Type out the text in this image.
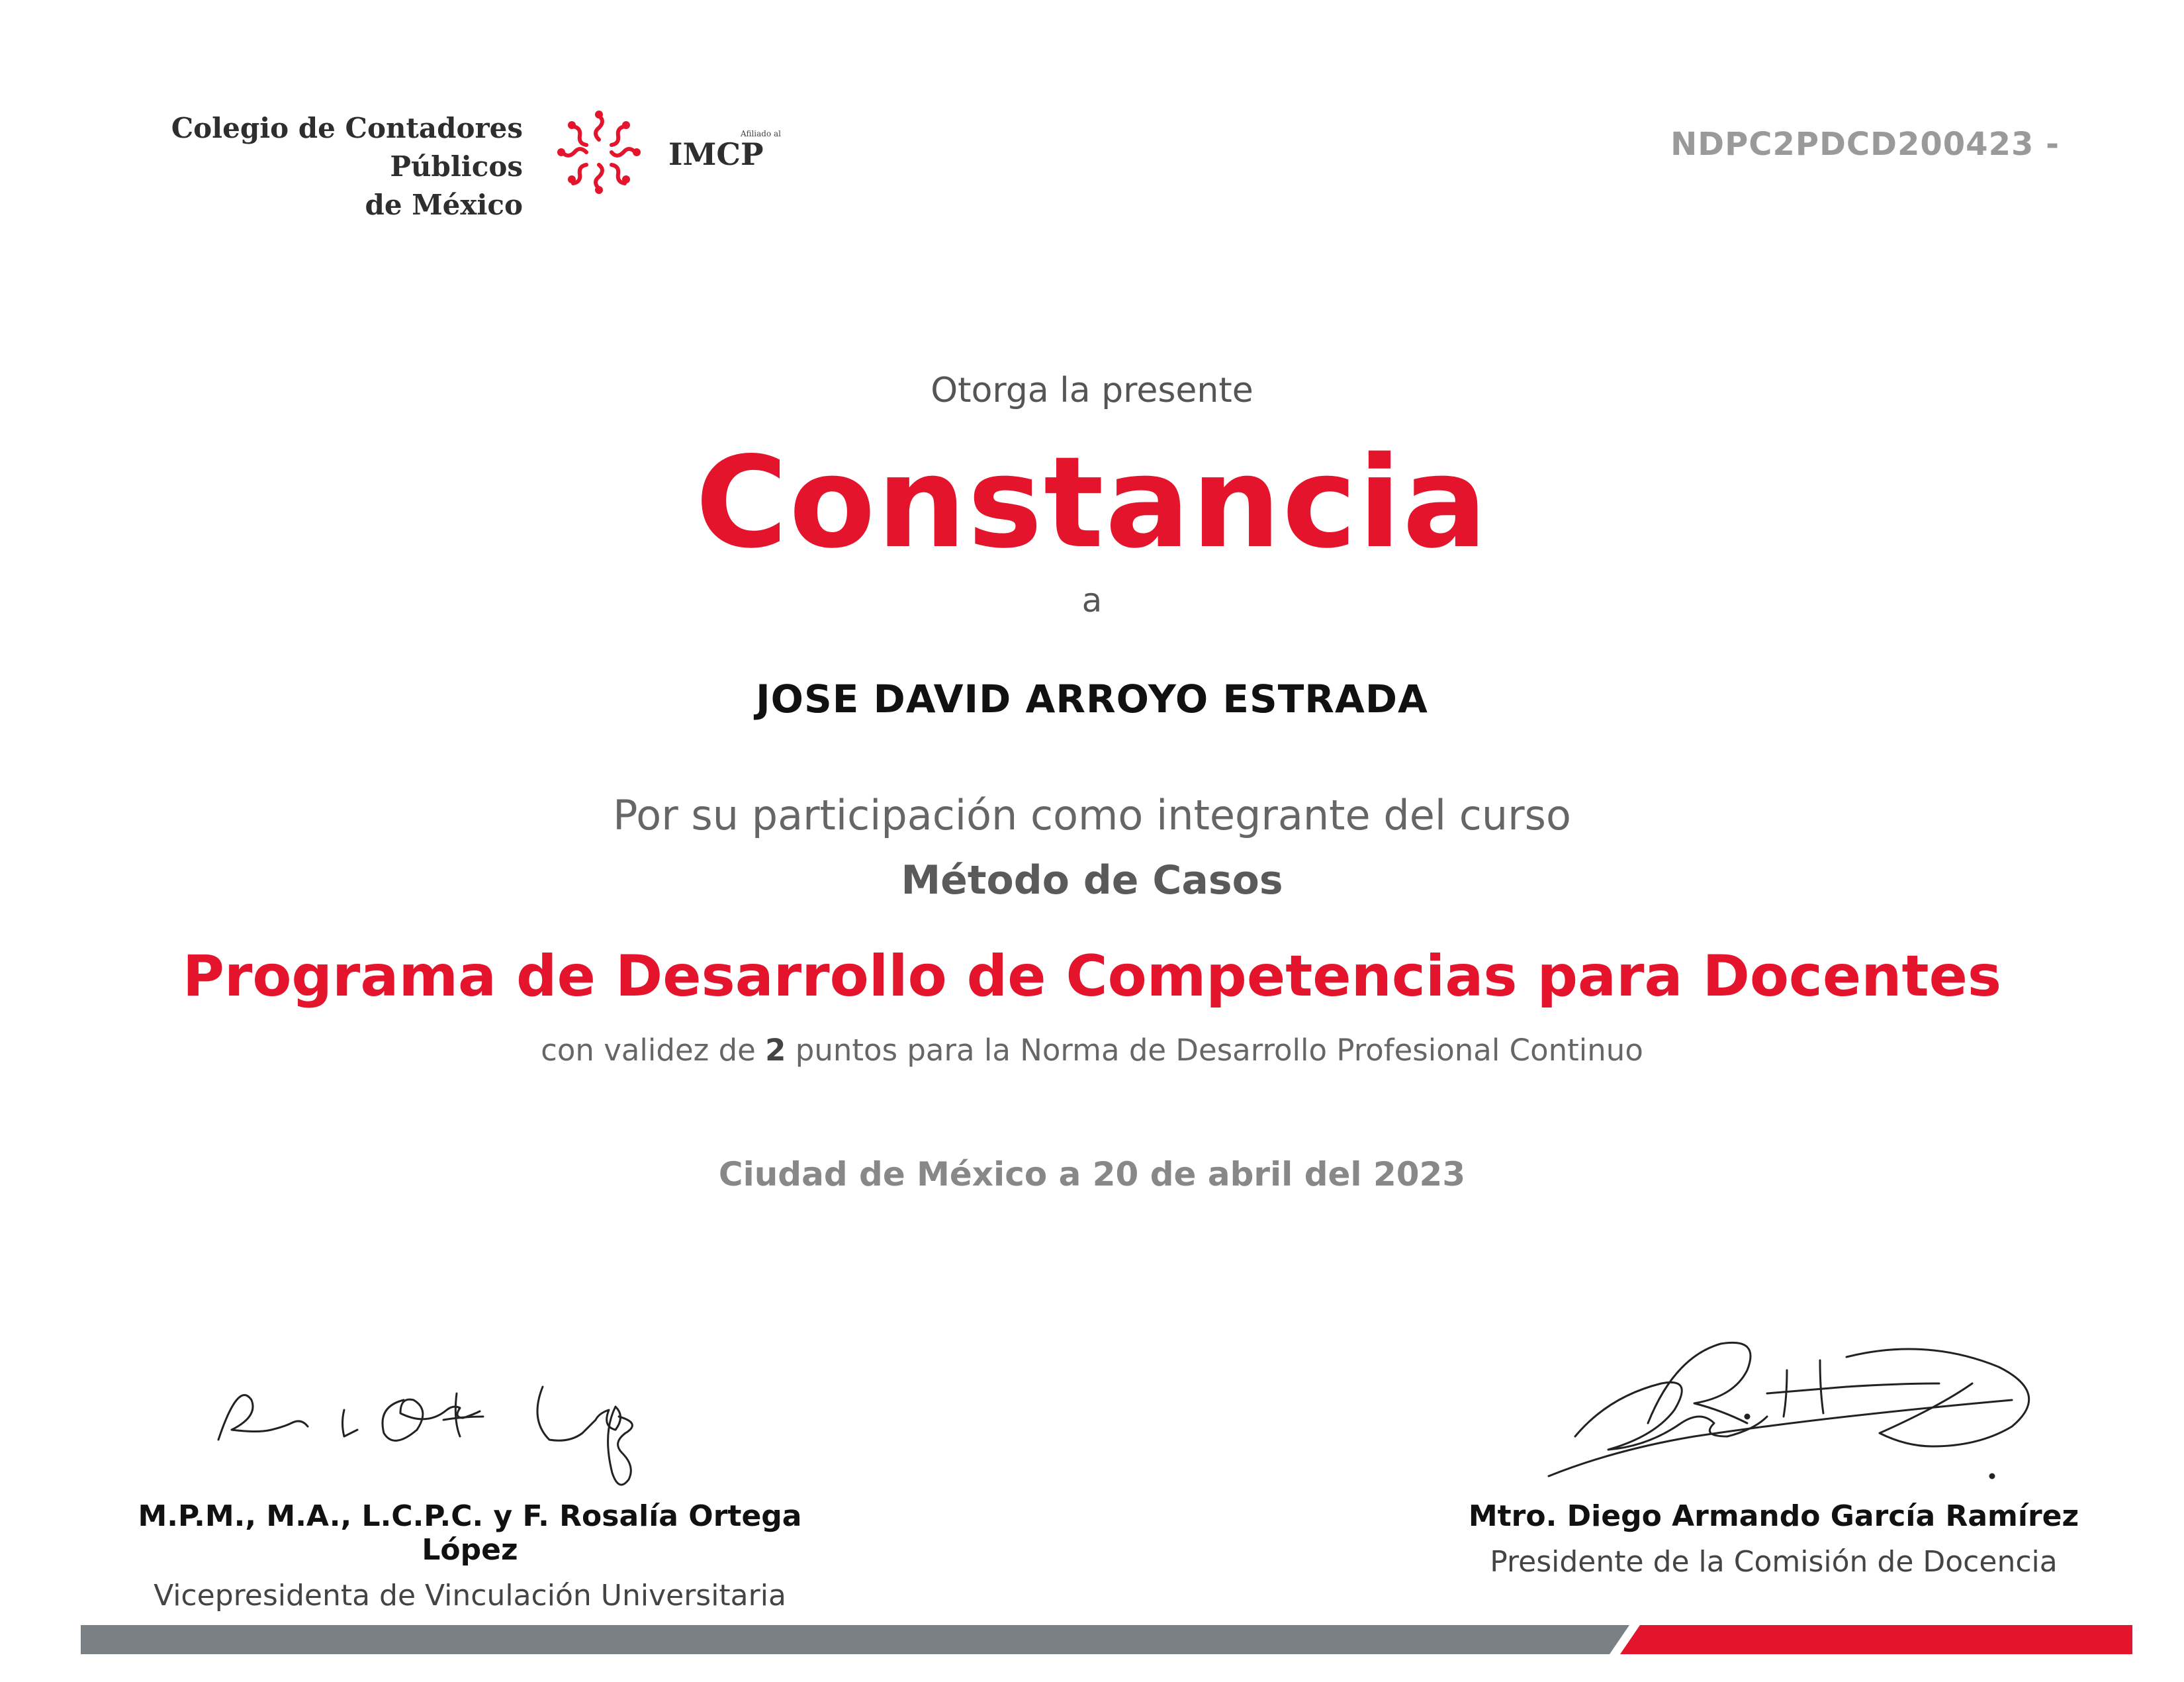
Colegio de Contadores Públicos
de México
Afiliado al
IMCP	NDPC2PDCD200423 -
Otorga la presente
Constancia
a
JOSE DAVID ARROYO ESTRADA
Por su participación como integrante del curso
Método de Casos
Programa de Desarrollo de Competencias para Docentes
con validez de 2 puntos para la Norma de Desarrollo Profesional Continuo
Ciudad de México a 20 de abril del 2023
M.P.M., M.A., L.C.P.C. y F. Rosalía Ortega López
Vicepresidenta de Vinculación Universitaria
Mtro. Diego Armando García Ramírez
Presidente de la Comisión de Docencia
